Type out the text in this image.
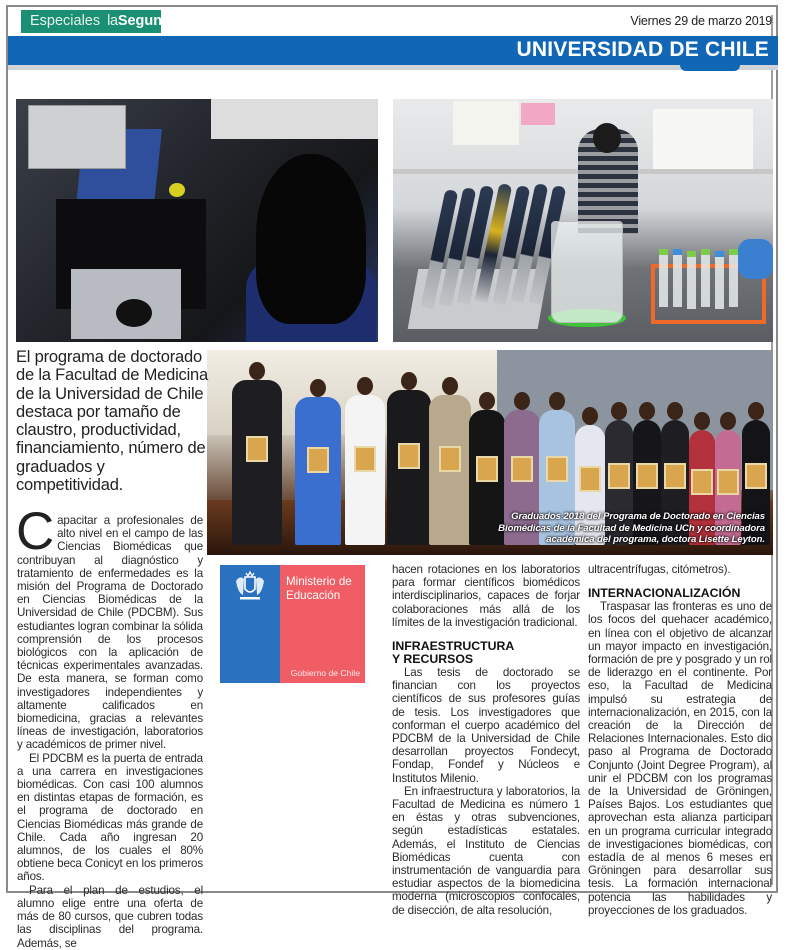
Especiales laSegunda	Viernes 29 de marzo 2019
UNIVERSIDAD DE CHILE
Graduados 2018 del Programa de Doctorado en Ciencias Biomédicas de la Facultad de Medicina UCh y coordinadora académica del programa, doctora Lisette Leyton.
El programa de doctorado de la Facultad de Medicina de la Universidad de Chile destaca por tamaño de claustro, productividad, financiamiento, número de graduados y competitividad.

Capacitar a profesionales de alto nivel en el campo de las Ciencias Biomédicas que contribuyan al diagnóstico y tratamiento de enfermedades es la misión del Programa de Doctorado en Ciencias Biomédicas de la Universidad de Chile (PDCBM). Sus estudiantes logran combinar la sólida comprensión de los procesos biológicos con la aplicación de técnicas experimentales avanzadas. De esta manera, se forman como investigadores independientes y altamente calificados en biomedicina, gracias a relevantes líneas de investigación, laboratorios y académicos de primer nivel.

El PDCBM es la puerta de entrada a una carrera en investigaciones biomédicas. Con casi 100 alumnos en distintas etapas de formación, es el programa de doctorado en Ciencias Biomédicas más grande de Chile. Cada año ingresan 20 alumnos, de los cuales el 80% obtiene beca Conicyt en los primeros años.

Para el plan de estudios, el alumno elige entre una oferta de más de 80 cursos, que cubren todas las disciplinas del programa. Además, se

Ministerio de Educación
Gobierno de Chile

hacen rotaciones en los laboratorios para formar científicos biomédicos interdisciplinarios, capaces de forjar colaboraciones más allá de los límites de la investigación tradicional.

INFRAESTRUCTURA
Y RECURSOS

Las tesis de doctorado se financian con los proyectos científicos de sus profesores guías de tesis. Los investigadores que conforman el cuerpo académico del PDCBM de la Universidad de Chile desarrollan proyectos Fondecyt, Fondap, Fondef y Núcleos e Institutos Milenio.

En infraestructura y laboratorios, la Facultad de Medicina es número 1 en éstas y otras subvenciones, según estadísticas estatales. Además, el Instituto de Ciencias Biomédicas cuenta con instrumentación de vanguardia para estudiar aspectos de la biomedicina moderna (microscopios confocales, de disección, de alta resolución,

ultracentrífugas, citómetros).

INTERNACIONALIZACIÓN

Traspasar las fronteras es uno de los focos del quehacer académico, en línea con el objetivo de alcanzar un mayor impacto en investigación, formación de pre y posgrado y un rol de liderazgo en el continente. Por eso, la Facultad de Medicina impulsó su estrategia de internacionalización, en 2015, con la creación de la Dirección de Relaciones Internacionales. Esto dio paso al Programa de Doctorado Conjunto (Joint Degree Program), al unir el PDCBM con los programas de la Universidad de Gröningen, Países Bajos. Los estudiantes que aprovechan esta alianza participan en un programa curricular integrado de investigaciones biomédicas, con estadía de al menos 6 meses en Gröningen para desarrollar sus tesis. La formación internacional potencia las habilidades y proyecciones de los graduados.
